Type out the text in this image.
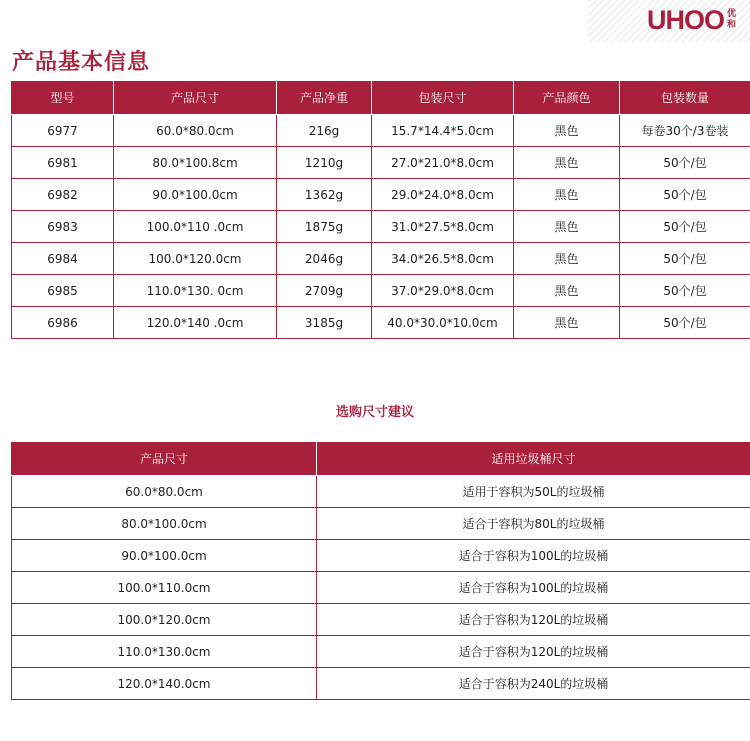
UHOO 优
和
产品基本信息
型号	产品尺寸	产品净重	包装尺寸	产品颜色	包装数量
6977	60.0*80.0cm	216g	15.7*14.4*5.0cm	黑色	每卷30个/3卷装
6981	80.0*100.8cm	1210g	27.0*21.0*8.0cm	黑色	50个/包
6982	90.0*100.0cm	1362g	29.0*24.0*8.0cm	黑色	50个/包
6983	100.0*110 .0cm	1875g	31.0*27.5*8.0cm	黑色	50个/包
6984	100.0*120.0cm	2046g	34.0*26.5*8.0cm	黑色	50个/包
6985	110.0*130. 0cm	2709g	37.0*29.0*8.0cm	黑色	50个/包
6986	120.0*140 .0cm	3185g	40.0*30.0*10.0cm	黑色	50个/包
选购尺寸建议
产品尺寸	适用垃圾桶尺寸
60.0*80.0cm	适用于容积为50L的垃圾桶
80.0*100.0cm	适合于容积为80L的垃圾桶
90.0*100.0cm	适合于容积为100L的垃圾桶
100.0*110.0cm	适合于容积为100L的垃圾桶
100.0*120.0cm	适合于容积为120L的垃圾桶
110.0*130.0cm	适合于容积为120L的垃圾桶
120.0*140.0cm	适合于容积为240L的垃圾桶
